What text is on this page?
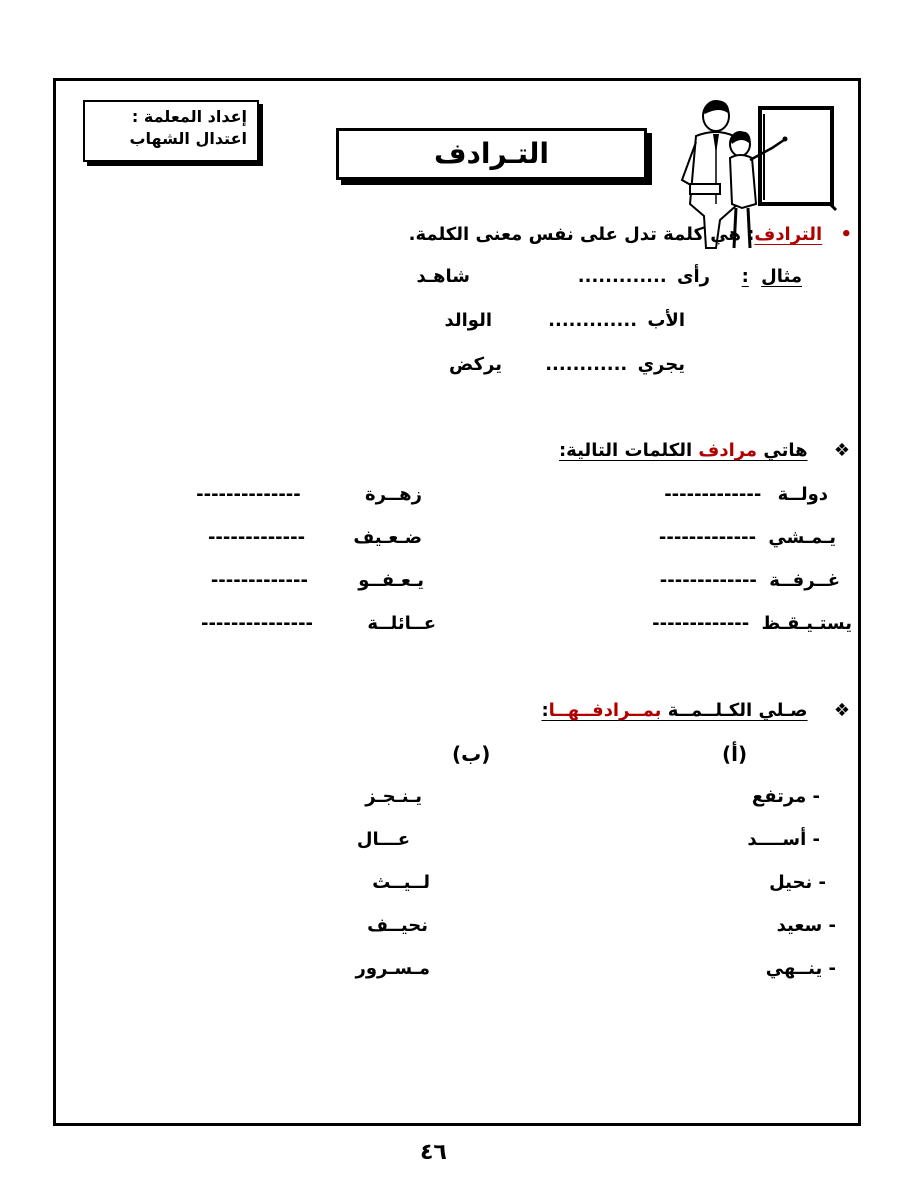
إعداد المعلمة :
اعتدال الشهاب	التـرادف
• الترادف: هي كلمة تدل على نفس معنى الكلمة.
مثال :
رأى .............
شاهـد
الأب .............
الوالد
يجري ............
يركض
❖ هاتي مرادف الكلمات التالية:
دولــة -------------
يـمـشي -------------
غــرفــة -------------
يستـيـقـظ -------------
زهــرة --------------
ضـعـيف -------------
يـعـفــو -------------
عــائلــة ---------------
❖ صـلي الكـلــمــة بمــرادفــهــا:
(أ)
(ب)
- مرتفع
- أســــد
- نحيل
- سعيد
- ينــهي
يـنـجـز
عـــال
لــيــث
نحيــف
مـسـرور
٤٦
